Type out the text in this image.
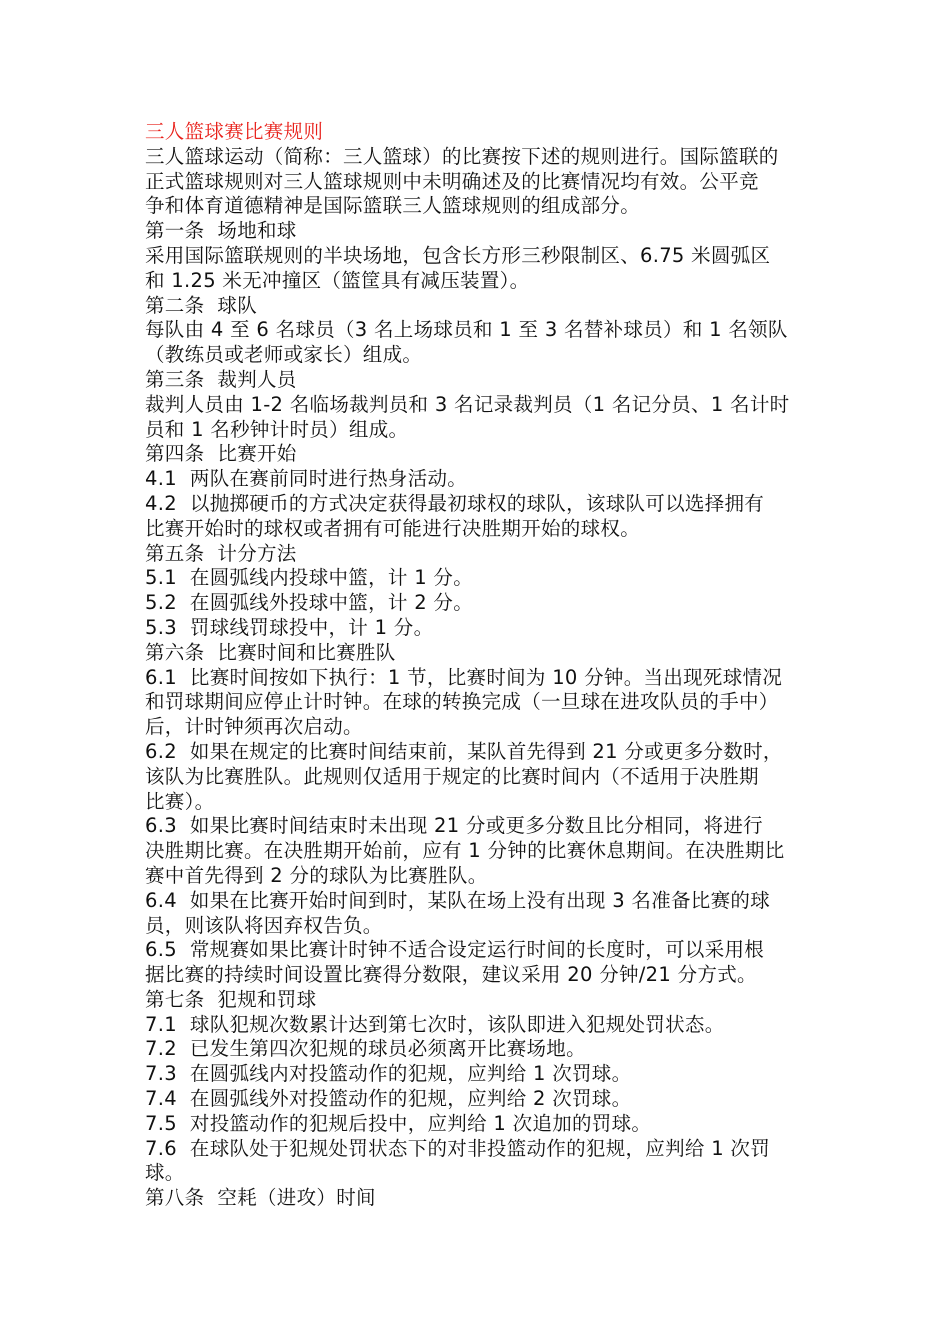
三人篮球赛比赛规则
三人篮球运动（简称：三人篮球）的比赛按下述的规则进行。国际篮联的
正式篮球规则对三人篮球规则中未明确述及的比赛情况均有效。公平竞
争和体育道德精神是国际篮联三人篮球规则的组成部分。
第一条  场地和球
采用国际篮联规则的半块场地，包含长方形三秒限制区、6.75 米圆弧区
和 1.25 米无冲撞区（篮筐具有减压装置）。
第二条  球队
每队由 4 至 6 名球员（3 名上场球员和 1 至 3 名替补球员）和 1 名领队
（教练员或老师或家长）组成。
第三条  裁判人员
裁判人员由 1-2 名临场裁判员和 3 名记录裁判员（1 名记分员、1 名计时
员和 1 名秒钟计时员）组成。
第四条  比赛开始
4.1  两队在赛前同时进行热身活动。
4.2  以抛掷硬币的方式决定获得最初球权的球队，该球队可以选择拥有
比赛开始时的球权或者拥有可能进行决胜期开始的球权。
第五条  计分方法
5.1  在圆弧线内投球中篮，计 1 分。
5.2  在圆弧线外投球中篮，计 2 分。
5.3  罚球线罚球投中，计 1 分。
第六条  比赛时间和比赛胜队
6.1  比赛时间按如下执行：1 节，比赛时间为 10 分钟。当出现死球情况
和罚球期间应停止计时钟。在球的转换完成（一旦球在进攻队员的手中）
后，计时钟须再次启动。
6.2  如果在规定的比赛时间结束前，某队首先得到 21 分或更多分数时，
该队为比赛胜队。此规则仅适用于规定的比赛时间内（不适用于决胜期
比赛）。
6.3  如果比赛时间结束时未出现 21 分或更多分数且比分相同，将进行
决胜期比赛。在决胜期开始前，应有 1 分钟的比赛休息期间。在决胜期比
赛中首先得到 2 分的球队为比赛胜队。
6.4  如果在比赛开始时间到时，某队在场上没有出现 3 名准备比赛的球
员，则该队将因弃权告负。
6.5  常规赛如果比赛计时钟不适合设定运行时间的长度时，可以采用根
据比赛的持续时间设置比赛得分数限，建议采用 20 分钟/21 分方式。
第七条  犯规和罚球
7.1  球队犯规次数累计达到第七次时，该队即进入犯规处罚状态。
7.2  已发生第四次犯规的球员必须离开比赛场地。
7.3  在圆弧线内对投篮动作的犯规，应判给 1 次罚球。
7.4  在圆弧线外对投篮动作的犯规，应判给 2 次罚球。
7.5  对投篮动作的犯规后投中，应判给 1 次追加的罚球。
7.6  在球队处于犯规处罚状态下的对非投篮动作的犯规，应判给 1 次罚
球。
第八条  空耗（进攻）时间
